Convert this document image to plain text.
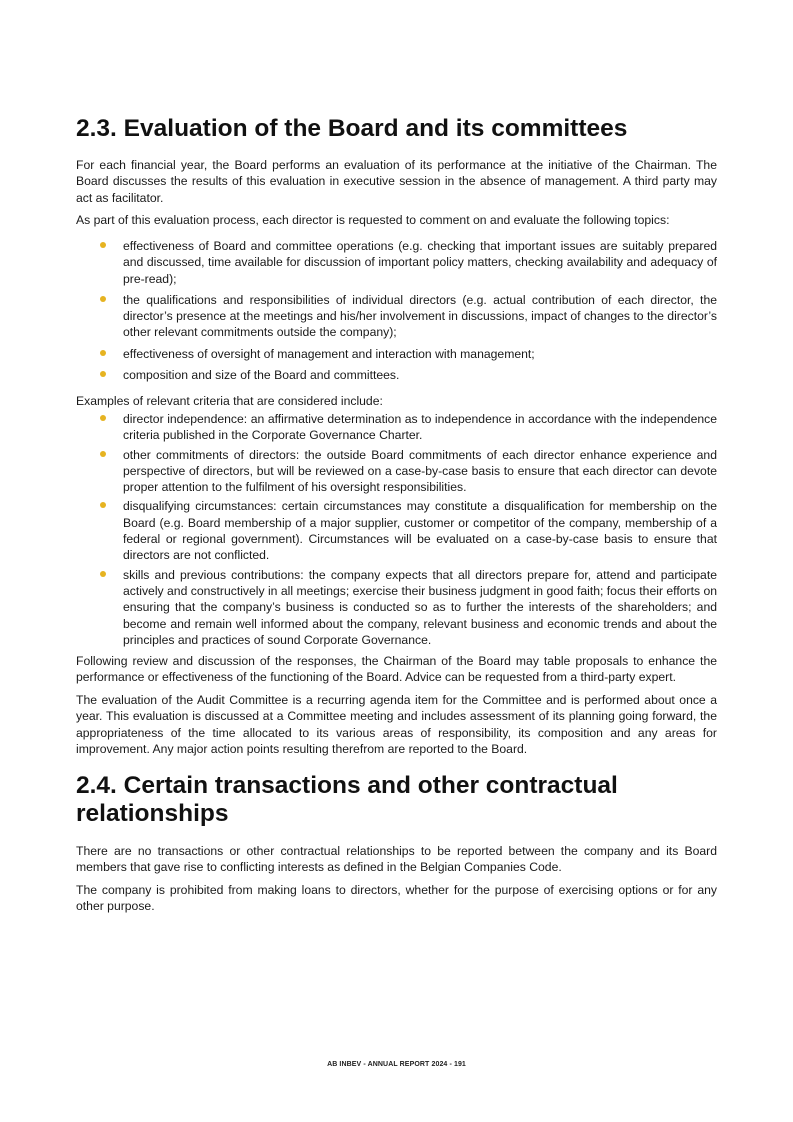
2.3. Evaluation of the Board and its committees

For each financial year, the Board performs an evaluation of its performance at the initiative of the Chairman. The Board discusses the results of this evaluation in executive session in the absence of management. A third party may act as facilitator.

As part of this evaluation process, each director is requested to comment on and evaluate the following topics:

effectiveness of Board and committee operations (e.g. checking that important issues are suitably prepared and discussed, time available for discussion of important policy matters, checking availability and adequacy of pre-read);
the qualifications and responsibilities of individual directors (e.g. actual contribution of each director, the director’s presence at the meetings and his/her involvement in discussions, impact of changes to the director’s other relevant commitments outside the company);
effectiveness of oversight of management and interaction with management;
composition and size of the Board and committees.

Examples of relevant criteria that are considered include:

director independence: an affirmative determination as to independence in accordance with the independence criteria published in the Corporate Governance Charter.
other commitments of directors: the outside Board commitments of each director enhance experience and perspective of directors, but will be reviewed on a case-by-case basis to ensure that each director can devote proper attention to the fulfilment of his oversight responsibilities.
disqualifying circumstances: certain circumstances may constitute a disqualification for membership on the Board (e.g. Board membership of a major supplier, customer or competitor of the company, membership of a federal or regional government). Circumstances will be evaluated on a case-by-case basis to ensure that directors are not conflicted.
skills and previous contributions: the company expects that all directors prepare for, attend and participate actively and constructively in all meetings; exercise their business judgment in good faith; focus their efforts on ensuring that the company’s business is conducted so as to further the interests of the shareholders; and become and remain well informed about the company, relevant business and economic trends and about the principles and practices of sound Corporate Governance.

Following review and discussion of the responses, the Chairman of the Board may table proposals to enhance the performance or effectiveness of the functioning of the Board. Advice can be requested from a third-party expert.

The evaluation of the Audit Committee is a recurring agenda item for the Committee and is performed about once a year. This evaluation is discussed at a Committee meeting and includes assessment of its planning going forward, the appropriateness of the time allocated to its various areas of responsibility, its composition and any areas for improvement. Any major action points resulting therefrom are reported to the Board.

2.4. Certain transactions and other contractual relationships

There are no transactions or other contractual relationships to be reported between the company and its Board members that gave rise to conflicting interests as defined in the Belgian Companies Code.

The company is prohibited from making loans to directors, whether for the purpose of exercising options or for any other purpose.

AB INBEV - ANNUAL REPORT 2024 - 191
